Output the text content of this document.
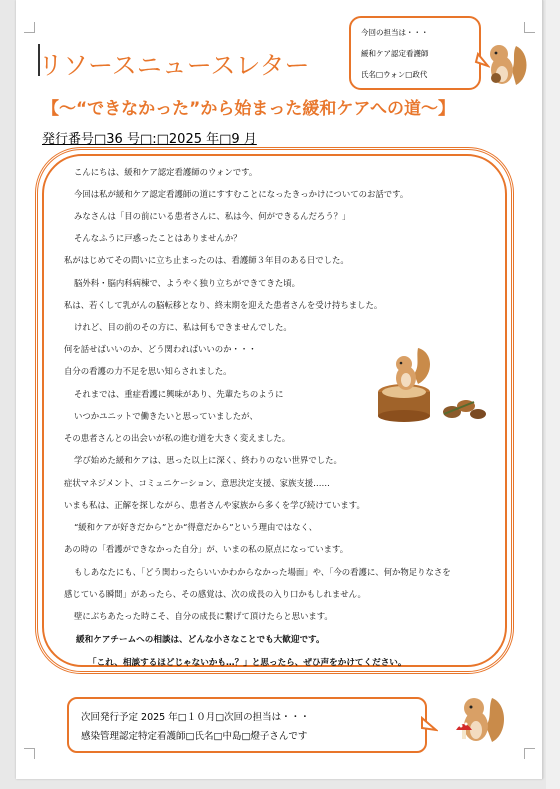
リソースニュースレター
【～“できなかった”から始まった緩和ケアへの道～】
発行番号□36 号□:□2025 年□9 月
今回の担当は・・・
緩和ケア認定看護師
氏名□ウォン□政代
こんにちは、緩和ケア認定看護師のウォンです。
今回は私が緩和ケア認定看護師の道にすすむことになったきっかけについてのお話です。
みなさんは「目の前にいる患者さんに、私は今、何ができるんだろう？」
そんなふうに戸惑ったことはありませんか？
私がはじめてその問いに立ち止まったのは、看護師３年目のある日でした。
脳外科・脳内科病棟で、ようやく独り立ちができてきた頃。
私は、若くして乳がんの脳転移となり、終末期を迎えた患者さんを受け持ちました。
けれど、目の前のその方に、私は何もできませんでした。
何を話せばいいのか、どう関わればいいのか・・・
自分の看護の力不足を思い知らされました。
それまでは、重症看護に興味があり、先輩たちのように
いつかユニットで働きたいと思っていましたが、
その患者さんとの出会いが私の進む道を大きく変えました。
学び始めた緩和ケアは、思った以上に深く、終わりのない世界でした。
症状マネジメント、コミュニケーション、意思決定支援、家族支援……
いまも私は、正解を探しながら、患者さんや家族から多くを学び続けています。
“緩和ケアが好きだから”とか“得意だから”という理由ではなく、
あの時の「看護ができなかった自分」が、いまの私の原点になっています。
もしあなたにも、「どう関わったらいいかわからなかった場面」や、「今の看護に、何か物足りなさを
感じている瞬間」があったら、その感覚は、次の成長の入り口かもしれません。
壁にぶちあたった時こそ、自分の成長に繋げて頂けたらと思います。
緩和ケアチームへの相談は、どんな小さなことでも大歓迎です。
「これ、相談するほどじゃないかも…？」と思ったら、ぜひ声をかけてください。
次回発行予定 2025 年□１０月□次回の担当は・・・
感染管理認定特定看護師□氏名□中島□燈子さんです
